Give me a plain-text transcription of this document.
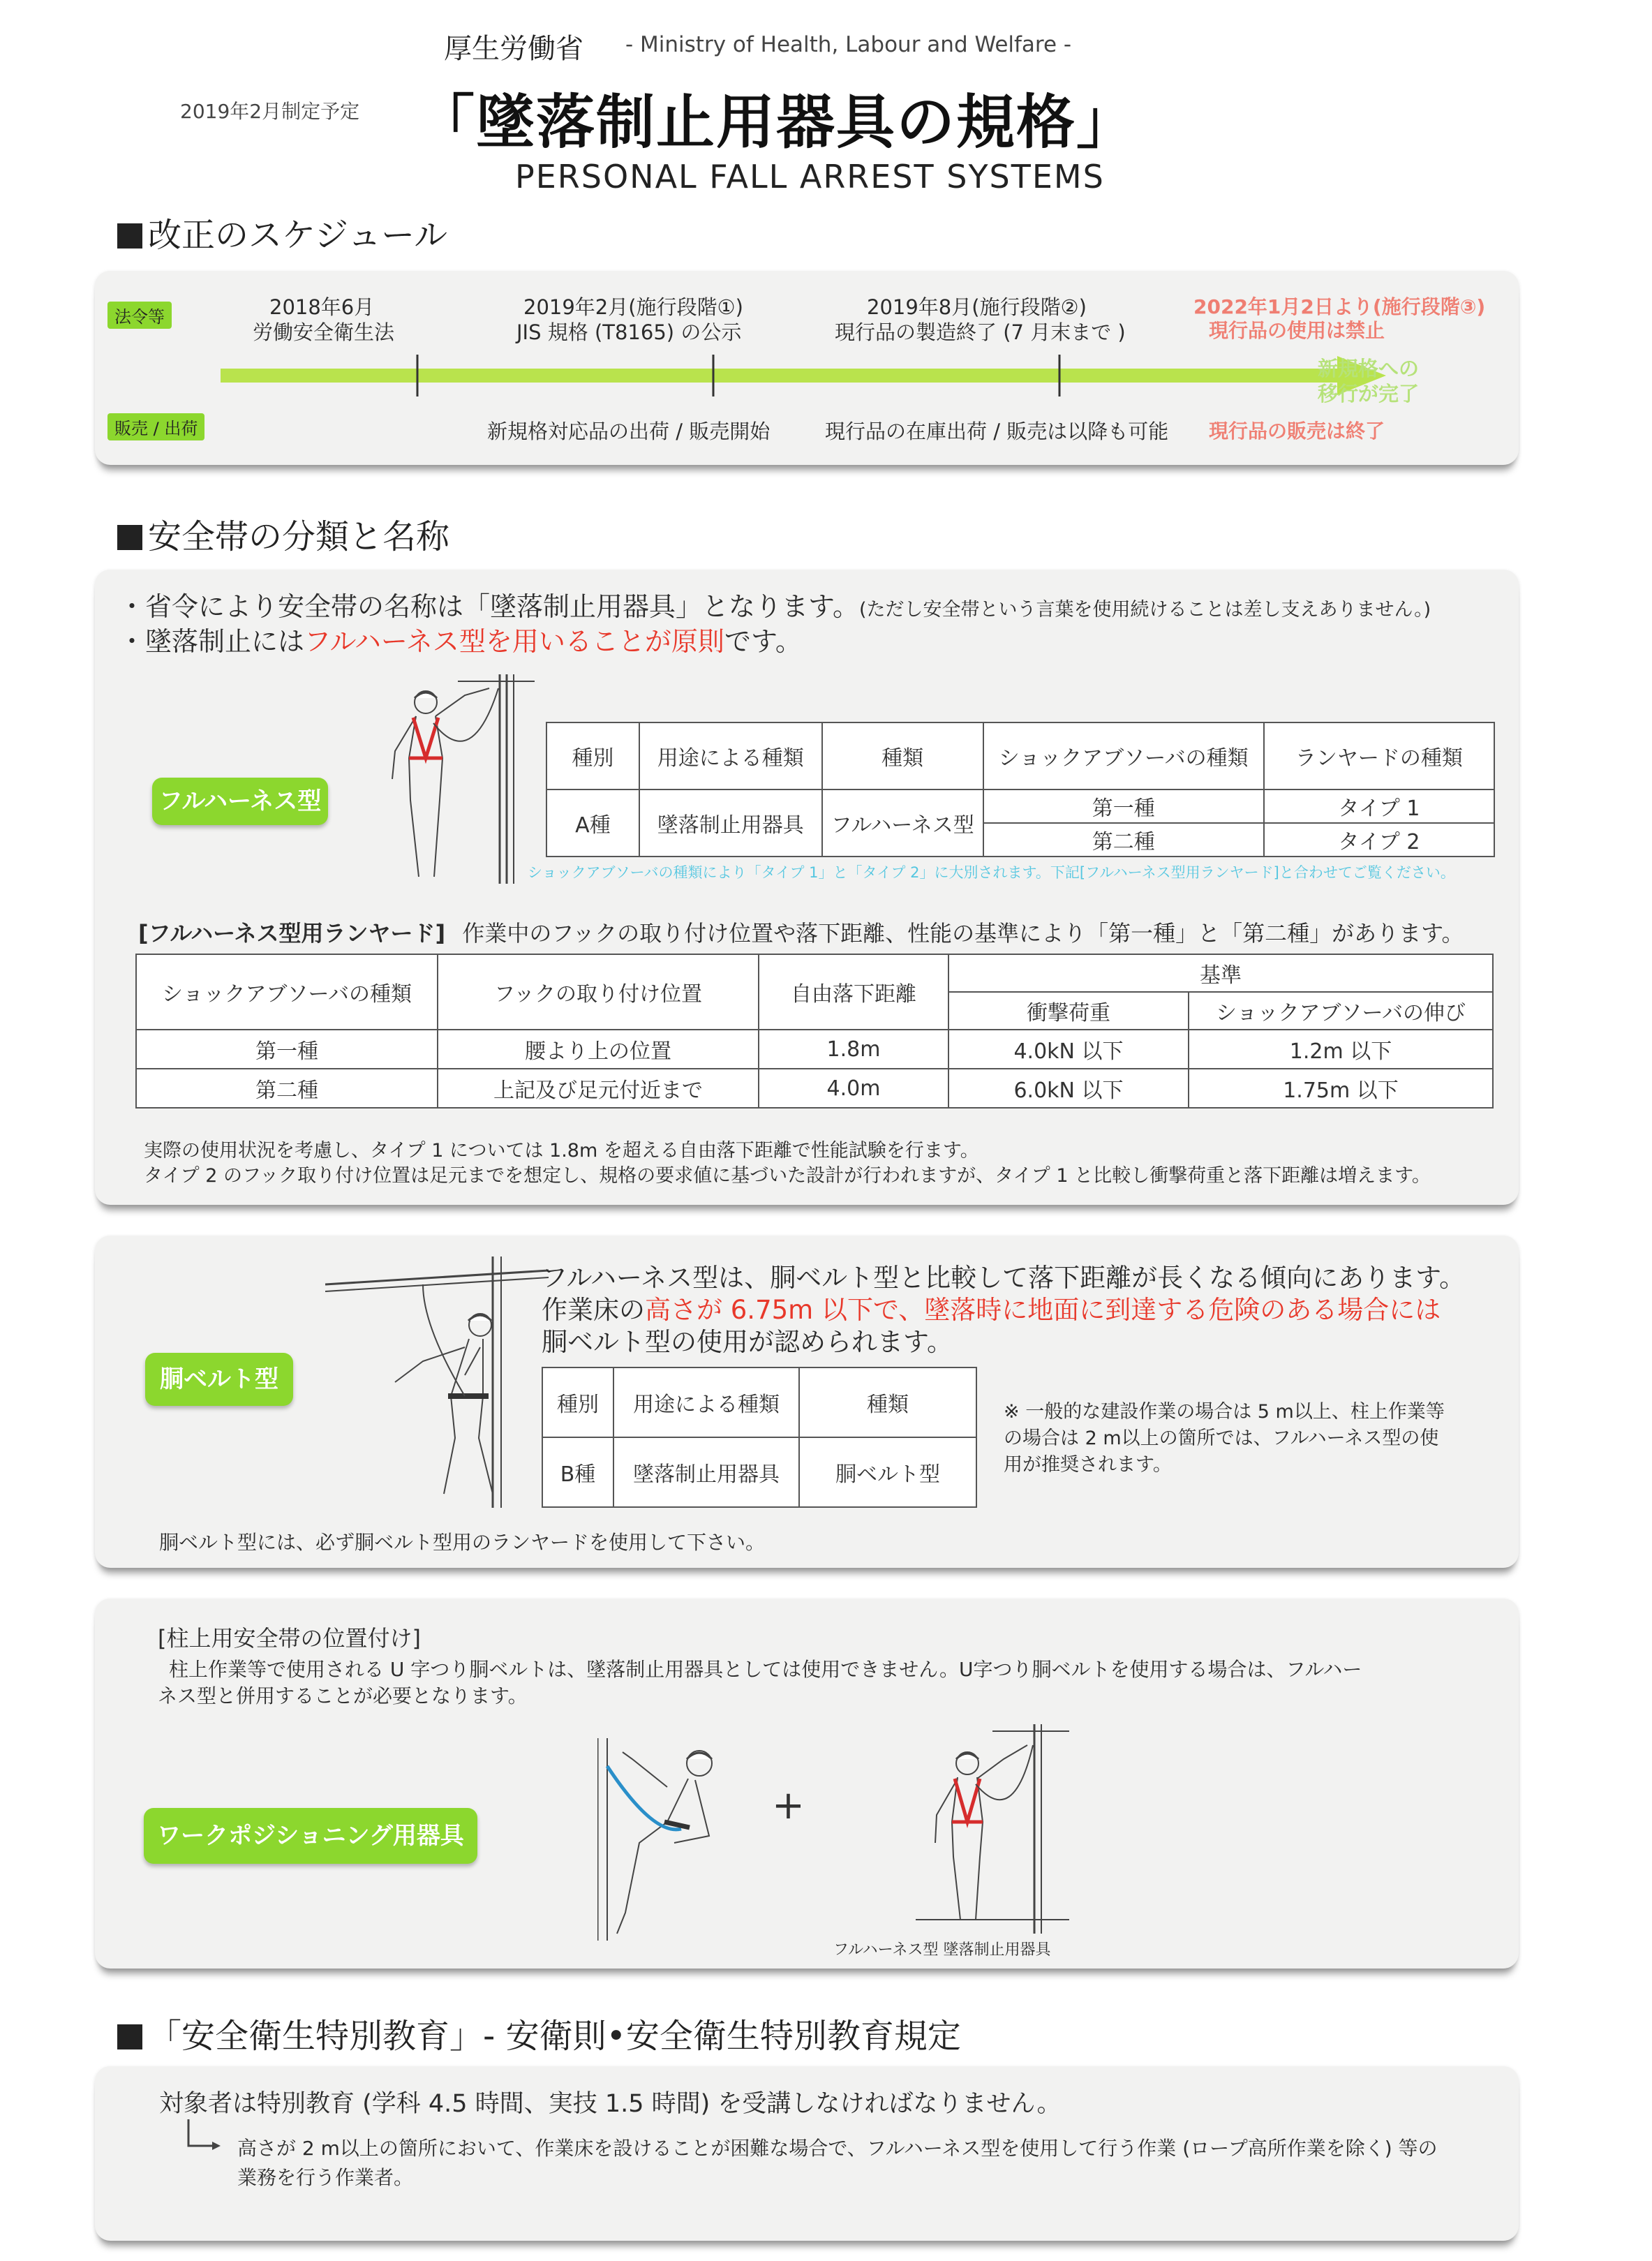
厚生労働省 - Ministry of Health, Labour and Welfare -
2019年2月制定予定 「墜落制止用器具の規格」
PERSONAL FALL ARREST SYSTEMS
改正のスケジュール
法令等
販売 / 出荷
2018年6月
労働安全衛生法
2019年2月(施行段階①)
JIS 規格 (T8165) の公示
新規格対応品の出荷 / 販売開始
2019年8月(施行段階②)
現行品の製造終了 (7 月末まで )
現行品の在庫出荷 / 販売は以降も可能
2022年1月2日より(施行段階③)
現行品の使用は禁止
新規格への
移行が完了
現行品の販売は終了
安全帯の分類と名称
・省令により安全帯の名称は「墜落制止用器具」となります。(ただし安全帯という言葉を使用続けることは差し支えありません。)
・墜落制止にはフルハーネス型を用いることが原則です。
フルハーネス型
種別	用途による種類	種類	ショックアブソーバの種類	ランヤードの種類
A種	墜落制止用器具	フルハーネス型	第一種	タイプ 1
			第二種	タイプ 2
ショックアブソーバの種類により「タイプ 1」と「タイプ 2」に大別されます。下記[フルハーネス型用ランヤード]と合わせてご覧ください。
[フルハーネス型用ランヤード] 作業中のフックの取り付け位置や落下距離、性能の基準により「第一種」と「第二種」があります。
ショックアブソーバの種類	フックの取り付け位置	自由落下距離	基準	
			衝撃荷重	ショックアブソーバの伸び
第一種	腰より上の位置	1.8m	4.0kN 以下	1.2m 以下
第二種	上記及び足元付近まで	4.0m	6.0kN 以下	1.75m 以下
実際の使用状況を考慮し、タイプ 1 については 1.8m を超える自由落下距離で性能試験を行ます。
タイプ 2 のフック取り付け位置は足元までを想定し、規格の要求値に基づいた設計が行われますが、タイプ 1 と比較し衝撃荷重と落下距離は増えます。
胴ベルト型
フルハーネス型は、胴ベルト型と比較して落下距離が長くなる傾向にあります。
作業床の高さが 6.75m 以下で、墜落時に地面に到達する危険のある場合には
胴ベルト型の使用が認められます。
種別	用途による種類	種類
B種	墜落制止用器具	胴ベルト型
※ 一般的な建設作業の場合は 5 m以上、柱上作業等
の場合は 2 m以上の箇所では、フルハーネス型の使
用が推奨されます。
胴ベルト型には、必ず胴ベルト型用のランヤードを使用して下さい。
[柱上用安全帯の位置付け]
柱上作業等で使用される U 字つり胴ベルトは、墜落制止用器具としては使用できません。U字つり胴ベルトを使用する場合は、フルハー
ネス型と併用することが必要となります。
ワークポジショニング用器具
+
フルハーネス型 墜落制止用器具
「安全衛生特別教育」- 安衛則•安全衛生特別教育規定
対象者は特別教育 (学科 4.5 時間、実技 1.5 時間) を受講しなければなりません。
高さが 2 m以上の箇所において、作業床を設けることが困難な場合で、フルハーネス型を使用して行う作業 (ロープ高所作業を除く) 等の
業務を行う作業者。
